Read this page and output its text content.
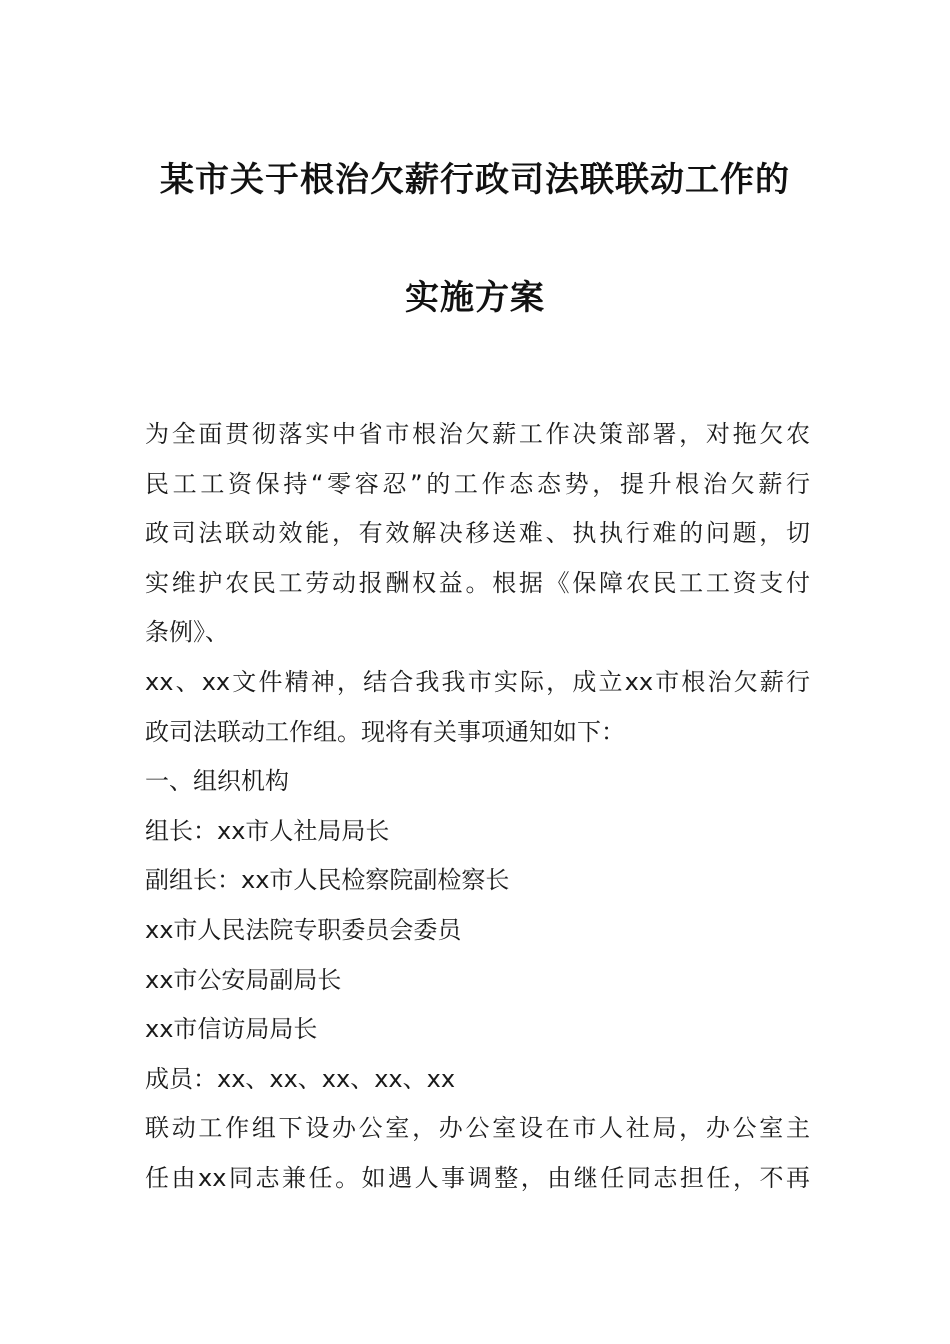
某市关于根治欠薪行政司法联联动工作的
实施方案
为全面贯彻落实中省市根治欠薪工作决策部署，对拖欠农
民工工资保持“零容忍”的工作态态势，提升根治欠薪行
政司法联动效能，有效解决移送难、执执行难的问题，切
实维护农民工劳动报酬权益。根据《保障农民工工资支付
条例》、
xx、xx文件精神，结合我我市实际，成立xx市根治欠薪行
政司法联动工作组。现将有关事项通知如下：
一、组织机构
组长：xx市人社局局长
副组长：xx市人民检察院副检察长
xx市人民法院专职委员会委员
xx市公安局副局长
xx市信访局局长
成员：xx、xx、xx、xx、xx
联动工作组下设办公室，办公室设在市人社局，办公室主
任由xx同志兼任。如遇人事调整，由继任同志担任，不再
